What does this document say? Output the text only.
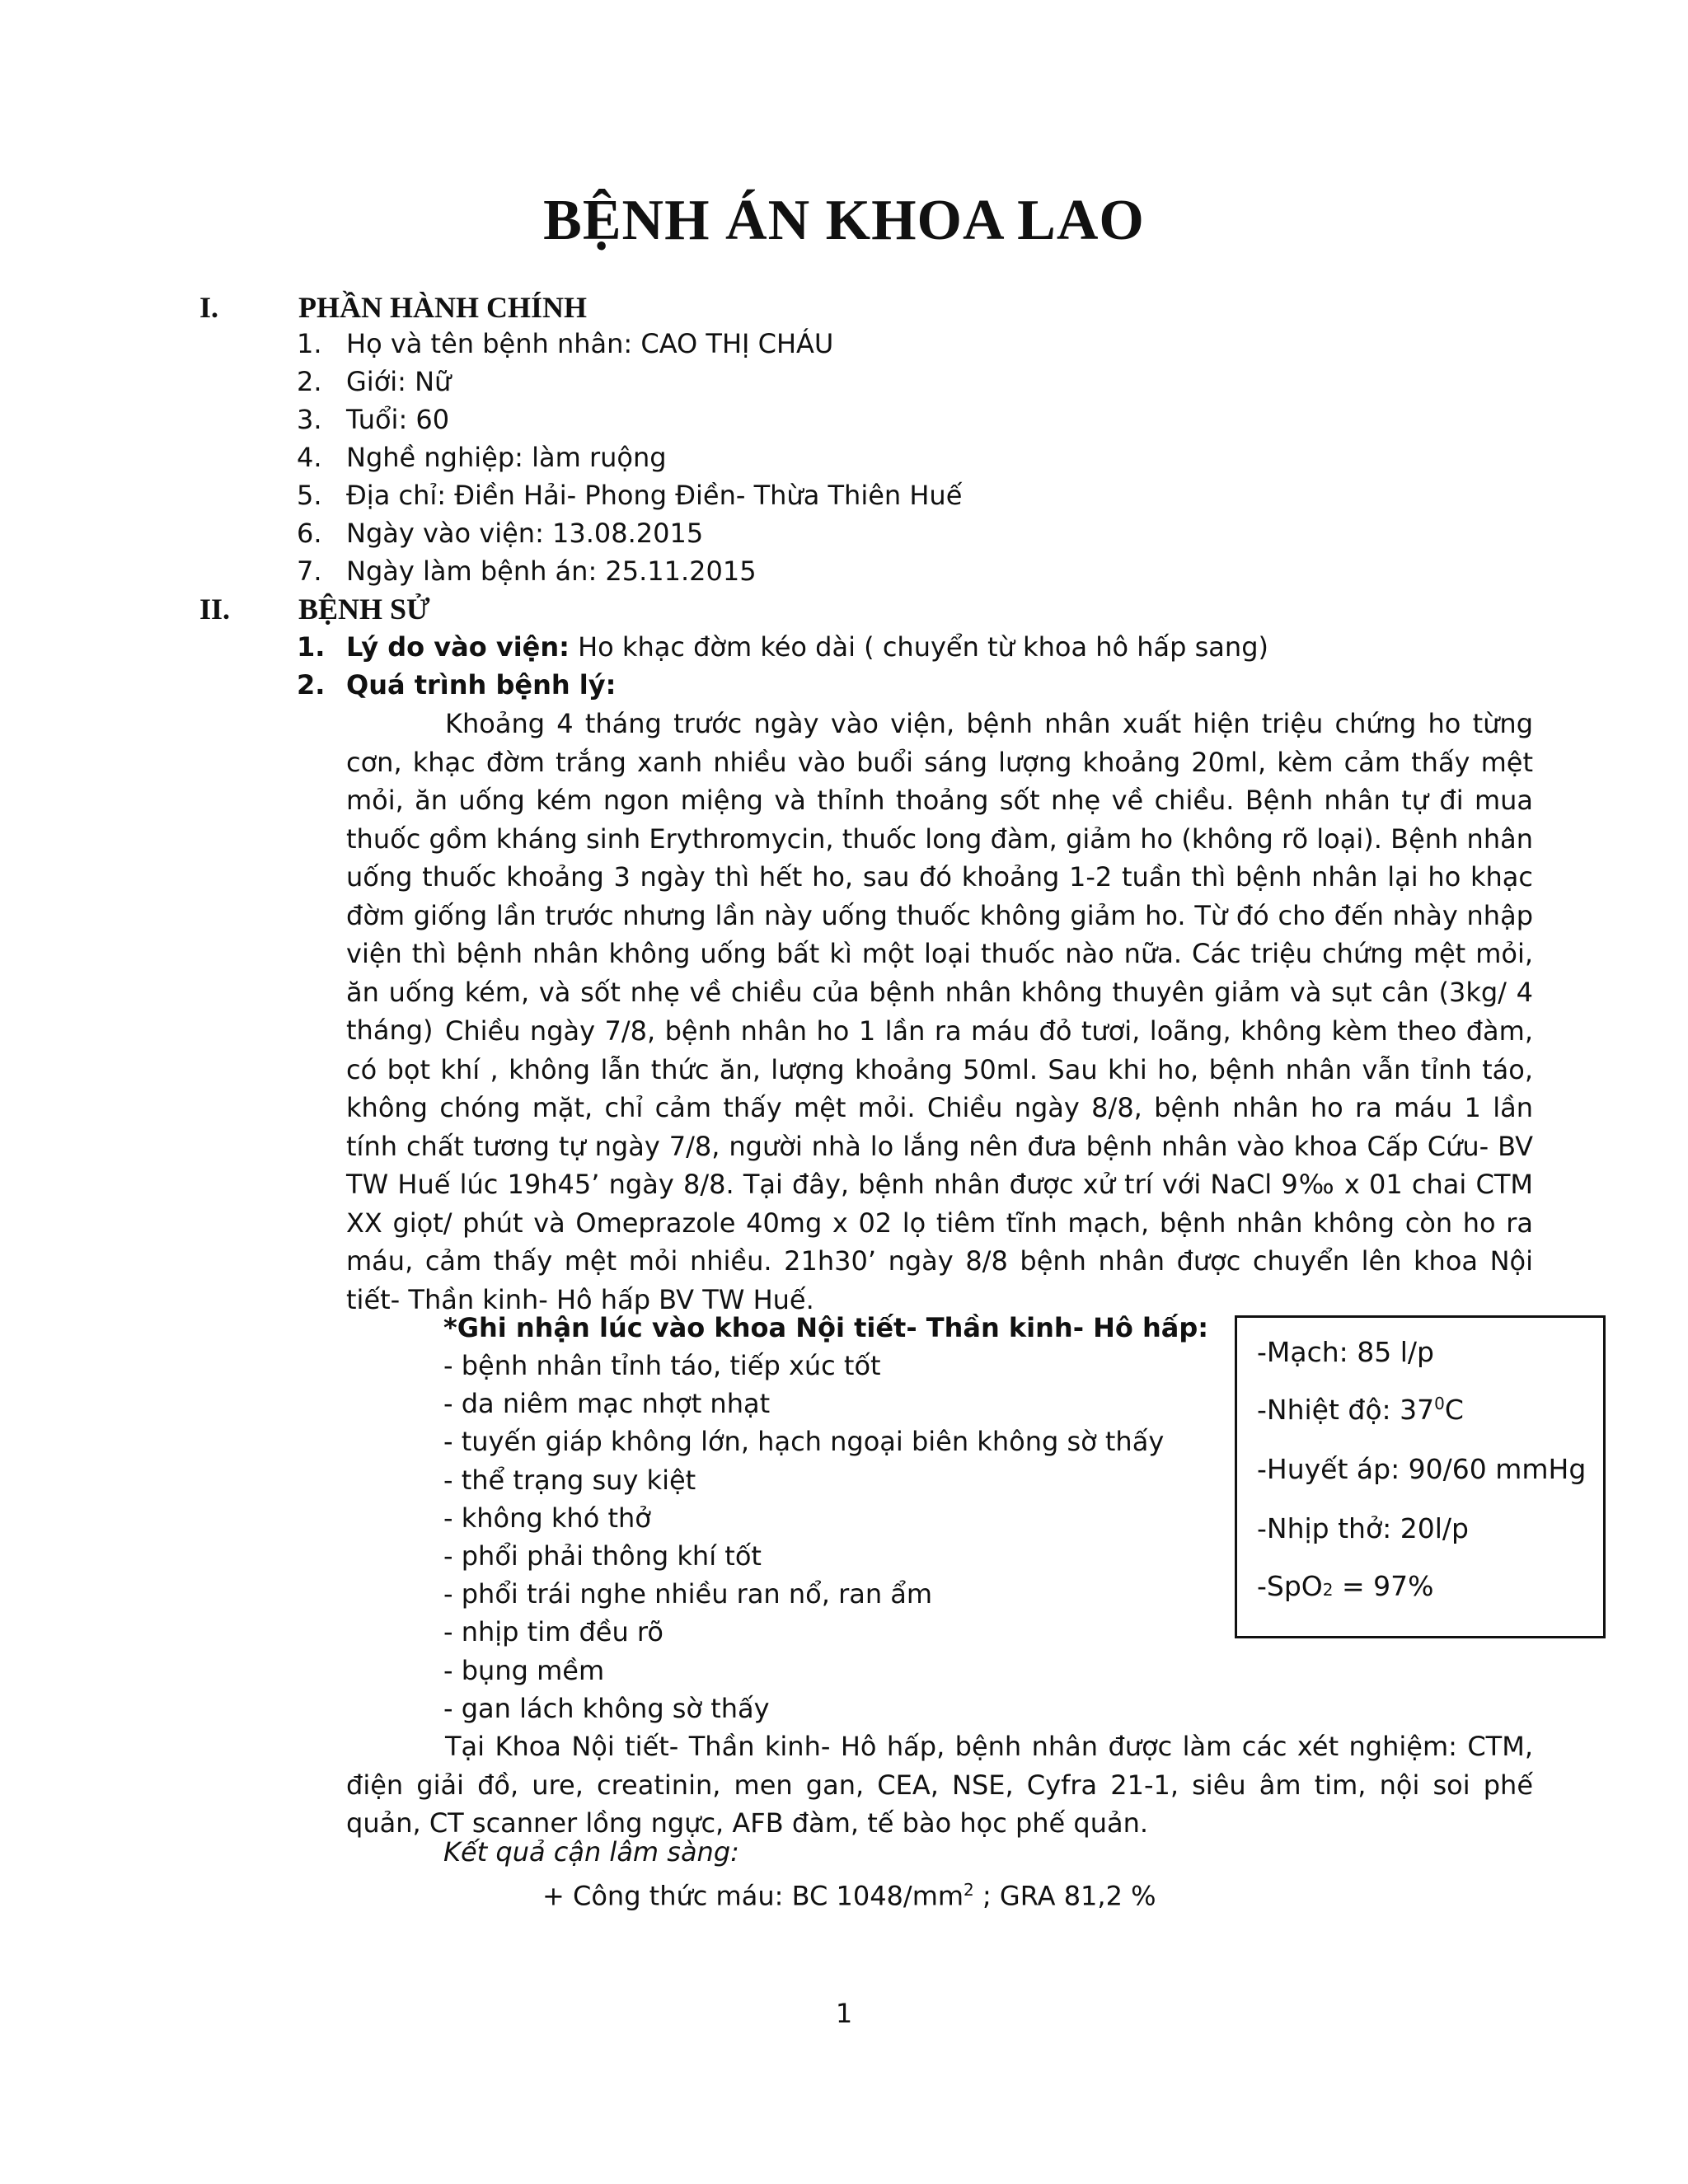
BỆNH ÁN KHOA LAO
I.	PHẦN HÀNH CHÍNH
1. Họ và tên bệnh nhân: CAO THỊ CHÁU
2. Giới: Nữ
3. Tuổi: 60
4. Nghề nghiệp: làm ruộng
5. Địa chỉ: Điền Hải- Phong Điền- Thừa Thiên Huế
6. Ngày vào viện: 13.08.2015
7. Ngày làm bệnh án: 25.11.2015
II. BỆNH SỬ
1. Lý do vào viện: Ho khạc đờm kéo dài ( chuyển từ khoa hô hấp sang)
2. Quá trình bệnh lý:

Khoảng 4 tháng trước ngày vào viện, bệnh nhân xuất hiện triệu chứng ho từng cơn, khạc đờm trắng xanh nhiều vào buổi sáng lượng khoảng 20ml, kèm cảm thấy mệt mỏi, ăn uống kém ngon miệng và thỉnh thoảng sốt nhẹ về chiều. Bệnh nhân tự đi mua thuốc gồm kháng sinh Erythromycin, thuốc long đàm, giảm ho (không rõ loại). Bệnh nhân uống thuốc khoảng 3 ngày thì hết ho, sau đó khoảng 1-2 tuần thì bệnh nhân lại ho khạc đờm giống lần trước nhưng lần này uống thuốc không giảm ho. Từ đó cho đến nhày nhập viện thì bệnh nhân không uống bất kì một loại thuốc nào nữa. Các triệu chứng mệt mỏi, ăn uống kém, và sốt nhẹ về chiều của bệnh nhân không thuyên giảm và sụt cân (3kg/ 4 tháng) Chiều ngày 7/8, bệnh nhân ho 1 lần ra máu đỏ tươi, loãng, không kèm theo đàm, có bọt khí , không lẫn thức ăn, lượng khoảng 50ml. Sau khi ho, bệnh nhân vẫn tỉnh táo, không chóng mặt, chỉ cảm thấy mệt mỏi. Chiều ngày 8/8, bệnh nhân ho ra máu 1 lần tính chất tương tự ngày 7/8, người nhà lo lắng nên đưa bệnh nhân vào khoa Cấp Cứu- BV TW Huế lúc 19h45’ ngày 8/8. Tại đây, bệnh nhân được xử trí với NaCl 9‰ x 01 chai CTM XX giọt/ phút và Omeprazole 40mg x 02 lọ tiêm tĩnh mạch, bệnh nhân không còn ho ra máu, cảm thấy mệt mỏi nhiều. 21h30’ ngày 8/8 bệnh nhân được chuyển lên khoa Nội tiết- Thần kinh- Hô hấp BV TW Huế.

*Ghi nhận lúc vào khoa Nội tiết- Thần kinh- Hô hấp:
- bệnh nhân tỉnh táo, tiếp xúc tốt
- da niêm mạc nhợt nhạt
- tuyến giáp không lớn, hạch ngoại biên không sờ thấy
- thể trạng suy kiệt
- không khó thở
- phổi phải thông khí tốt
- phổi trái nghe nhiều ran nổ, ran ẩm
- nhịp tim đều rõ
- bụng mềm
- gan lách không sờ thấy
-Mạch: 85 l/p
-Nhiệt độ: $37^0C$
-Huyết áp: 90/60 mmHg
-Nhịp thở: 20l/p
-SpO2 = 97%

Tại Khoa Nội tiết- Thần kinh- Hô hấp, bệnh nhân được làm các xét nghiệm: CTM, điện giải đồ, ure, creatinin, men gan, CEA, NSE, Cyfra 21-1, siêu âm tim, nội soi phế quản, CT scanner lồng ngực, AFB đàm, tế bào học phế quản.

Kết quả cận lâm sàng:
+ Công thức máu: BC $1048/mm^2$ ; GRA 81,2 %
1
